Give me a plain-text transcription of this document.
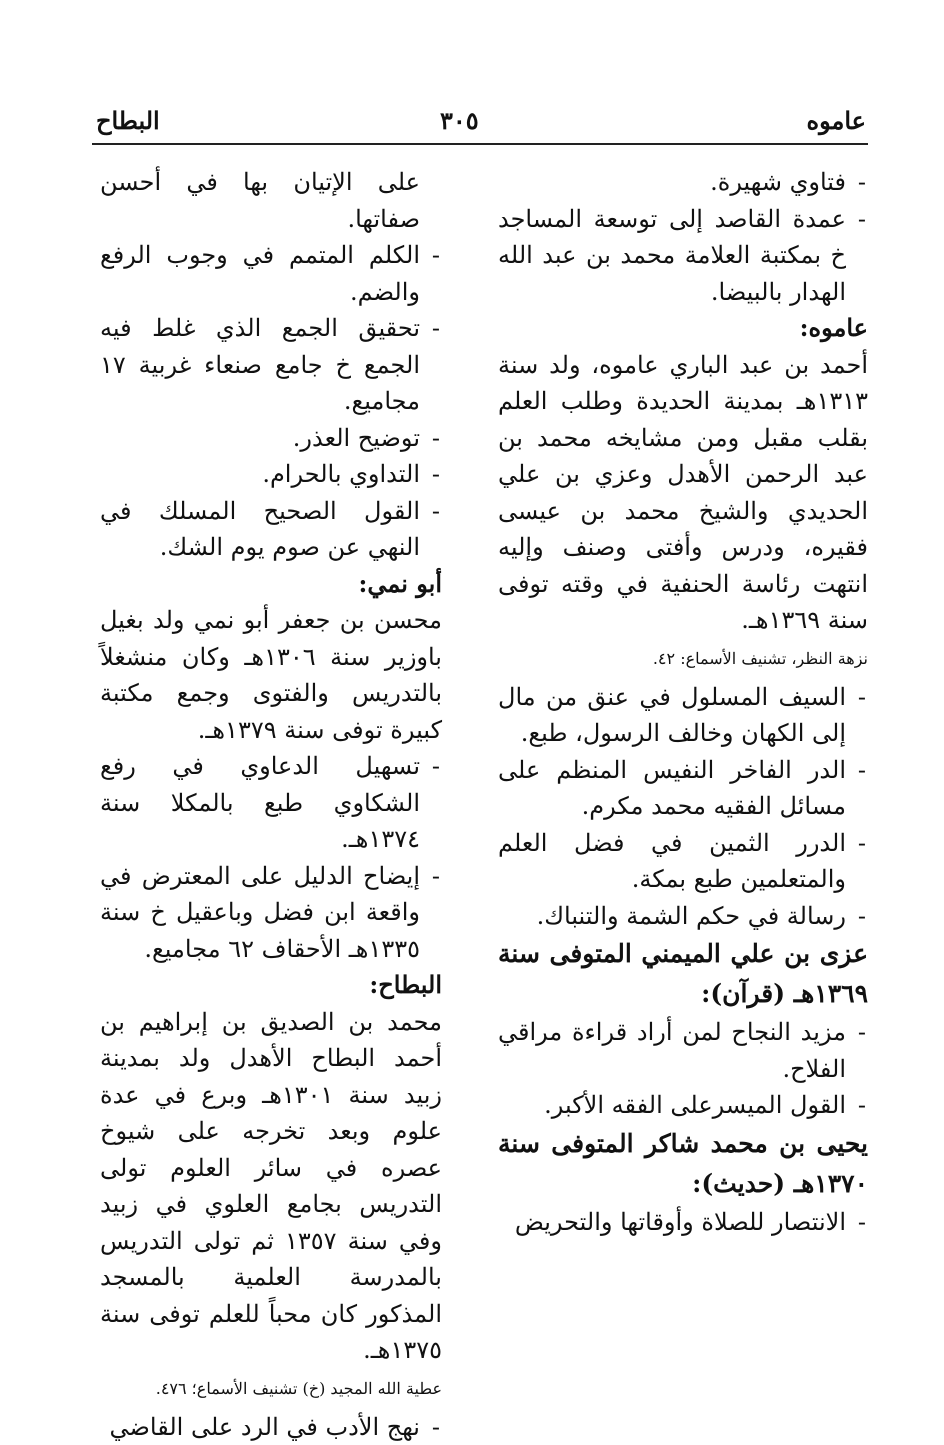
عاموه
٣٠٥
البطاح

-
فتاوي شهيرة.

-
عمدة القاصد إلى توسعة المساجد خ بمكتبة العلامة محمد بن عبد الله الهدار بالبيضا.

عاموه:

أحمد بن عبد الباري عاموه، ولد سنة ١٣١٣هـ بمدينة الحديدة وطلب العلم بقلب مقبل ومن مشايخه محمد بن عبد الرحمن الأهدل وعزي بن علي الحديدي والشيخ محمد بن عيسى فقيره، ودرس وأفتى وصنف وإليه انتهت رئاسة الحنفية في وقته توفى سنة ١٣٦٩هـ.

نزهة النظر، تشنيف الأسماع: ٤٢.

-
السيف المسلول في عنق من مال إلى الكهان وخالف الرسول، طبع.

-
الدر الفاخر النفيس المنظم على مسائل الفقيه محمد مكرم.

-
الدرر الثمين في فضل العلم والمتعلمين طبع بمكة.

-
رسالة في حكم الشمة والتنباك.

عزى بن علي الميمني المتوفى سنة ١٣٦٩هـ (قرآن):

-
مزيد النجاح لمن أراد قراءة مراقي الفلاح.

-
القول الميسرعلى الفقه الأكبر.

يحيى بن محمد شاكر المتوفى سنة ١٣٧٠هـ (حديث):

-
الانتصار للصلاة وأوقاتها والتحريض

على الإتيان بها في أحسن صفاتها.

-
الكلم المتمم في وجوب الرفع والضم.

-
تحقيق الجمع الذي غلط فيه الجمع خ جامع صنعاء غربية ١٧ مجاميع.

-
توضيح العذر.

-
التداوي بالحرام.

-
القول الصحيح المسلك في النهي عن صوم يوم الشك.

أبو نمي:

محسن بن جعفر أبو نمي ولد بغيل باوزير سنة ١٣٠٦هـ وكان منشغلاً بالتدريس والفتوى وجمع مكتبة كبيرة توفى سنة ١٣٧٩هـ.

-
تسهيل الدعاوي في رفع الشكاوي طبع بالمكلا سنة ١٣٧٤هـ.

-
إيضاح الدليل على المعترض في واقعة ابن فضل وباعقيل خ سنة ١٣٣٥هـ الأحقاف ٦٢ مجاميع.

البطاح:

محمد بن الصديق بن إبراهيم بن أحمد البطاح الأهدل ولد بمدينة زبيد سنة ١٣٠١هـ وبرع في عدة علوم وبعد تخرجه على شيوخ عصره في سائر العلوم تولى التدريس بجامع العلوي في زبيد وفي سنة ١٣٥٧ ثم تولى التدريس بالمدرسة العلمية بالمسجد المذكور كان محباً للعلم توفى سنة ١٣٧٥هـ.

عطية الله المجيد (خ) تشنيف الأسماع؛ ٤٧٦.

-
نهج الأدب في الرد على القاضي
